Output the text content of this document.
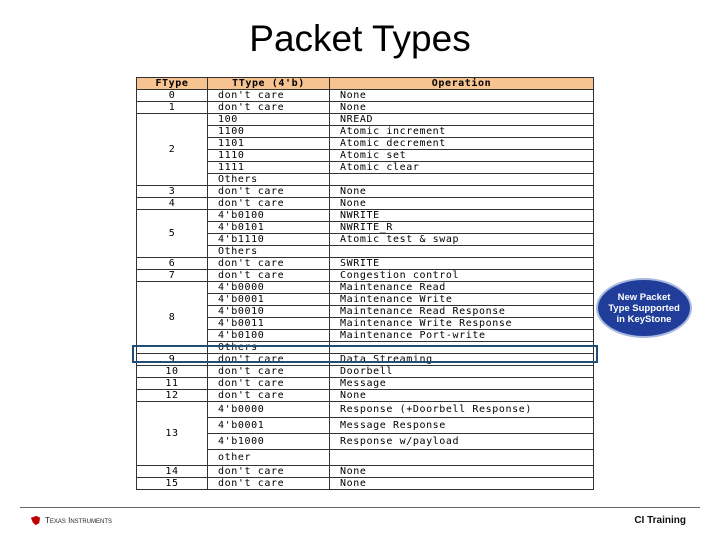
Packet Types
FType	TType (4'b)	Operation
0	don't care	None
1	don't care	None
2	100	NREAD
	1100	Atomic increment
	1101	Atomic decrement
	1110	Atomic set
	1111	Atomic clear
	Others	
3	don't care	None
4	don't care	None
5	4'b0100	NWRITE
	4'b0101	NWRITE_R
	4'b1110	Atomic test & swap
	Others	
6	don't care	SWRITE
7	don't care	Congestion control
8	4'b0000	Maintenance Read
	4'b0001	Maintenance Write
	4'b0010	Maintenance Read Response
	4'b0011	Maintenance Write Response
	4'b0100	Maintenance Port-write
	Others	
9	don't care	Data Streaming
10	don't care	Doorbell
11	don't care	Message
12	don't care	None
13	4'b0000	Response (+Doorbell Response)
	4'b0001	Message Response
	4'b1000	Response w/payload
	other	
14	don't care	None
15	don't care	None
New Packet Type Supported in KeyStone
Texas Instruments	CI Training
